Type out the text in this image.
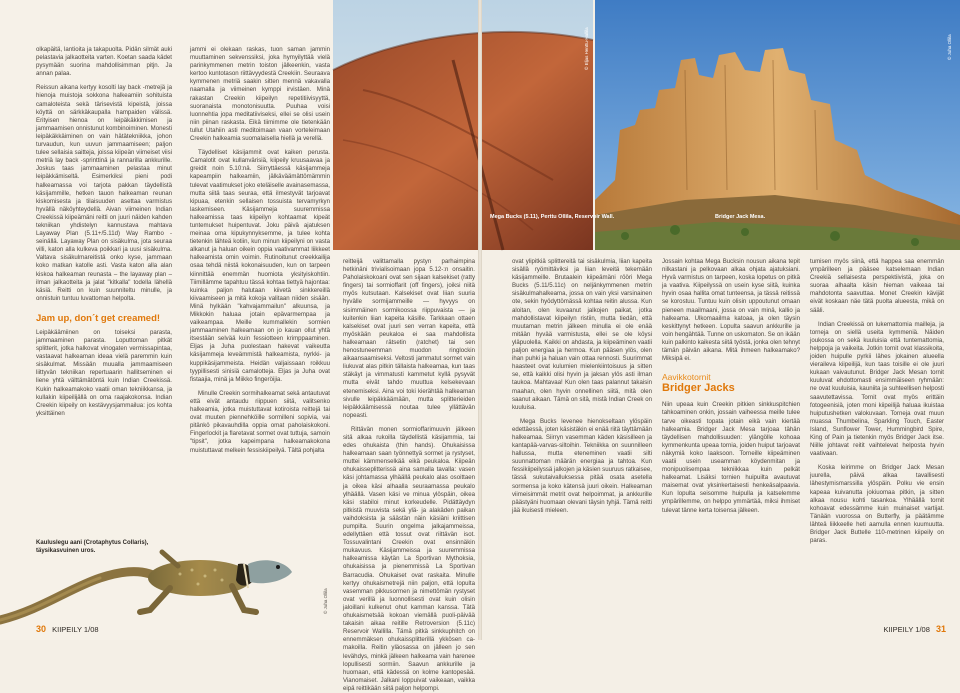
olkapäitä, lantioita ja takapuolta. Pidän silmät auki pelastavia jalkaotteita varten. Koetan saada kädet pysymään suorina mahdollisimman pitjn. Ja annan palaa.

Reissun aikana kertyy kosolti lay back -metrejä ja hienoja muistoja sokkona halkeamiin sohituista camaloteista sekä tärisevistä kipeistä, joissa köyttä on särkkäkaupalla hampaiden välissä. Erityisen hienoa on leipäkäkkimisen ja jammaamisen onnistunut kombinoiminen. Monesti leipäkäkkäiminen on vain hätätekniikka, johon turvaudun, kun uuvun jammaamiseen; paljon tulee sellaisia saitteja, joissa kiipeän viimeiset viisi metriä lay back -sprinttinä ja rannarilla ankkurille. Joskus taas jammaaminen pelastaa minut leipäkkämiseltä. Esimerkiksi pieni podi halkeamassa voi tarjota pakkan täydellistä käsijammille, hetken tauon halkeaman reunan kiskomisesta ja tilaisuuden asettaa varmistus hyvällä näköyhteydellä. Aivan viimeinen Indian Creekissä kiipeämäni reitti on juuri näiden kahden tekniikan yhdistelyn kannustava mahtava Layaway Plan (5.11+/5.11d) Way Rambo -seinällä. Layaway Plan on sisäkulma, jota seuraa villi, katon alla kulkeva poikkari ja uusi sisäkulma. Valtava sisäkulmareitistä onko kyse, jammaan koko matkan katolle asti. Vasta katon alla alan kiskoa halkeaman reunasta – the layaway plan – ilman jalkaotteita ja jalat "kitkalla" todella lähellä käsiä. Reitti on kuin suunniteltu minulle, ja onnistuin tuntuu luvattoman helpolta.

Jam up, don´t get creamed!

Leipäkäämiinen on toiseksi parasta, jammaaminen parasta. Loputtoman pitkät splitterit, jotka halkovat vinogaten vermissapintaa, vastaavat halkeaman ideaa vielä paremmin kuin sisäkulmat. Missään muualla jammaamiseen liittyvän tekniikan repertuaarin hallitseminen ei liene yhtä välttämätöntä kuin Indian Creekissä. Kukin halkeamakoko vaatii oman tekniikkansa, ja kullakin kiipeilijällä on oma raajakokonsa. Indian Creekin kiipeily on kestävyysjammailua: jos kohta yksittäinen

jammi ei olekaan raskas, tuon saman jammin muuttaminen sekvenssiksi, joka hymyilyttää vielä parinkymmenen metrin toiston jälkeenkin, vasta kertoo kuntotason riittävyydestä Creekiin. Seuraava kymmenen metriä saakin sitten mennä vakavalla naamalla ja viimeinen kymppi irvistäen. Minä rakastan Creekin kiipeilyn repetitiivisyyttä, suoranaista monotonisuutta. Puuhaa voisi luonnehtia jopa meditatiiviseksi, ellei se olisi usein niin piinan raskasta. Eikä tiimimme ole tietenkään tullut Utahiin asti meditoimaan vaan vorteleimaan Creekin halkeamia suomalaisella hiellä ja verellä.

Täydelliset käsijammit ovat kaiken perusta. Camalotit ovat kullanvärisiä, kiipeily kruusaavaa ja greidit noin 5.10:nä. Siirryttäessä käsijammeja kapeampiin halkeamiin, jälkäväämättömämmin tulevat vaatimukset joko eteläiselle avainasemassa, mutta siitä taas seuraa, että ilmestyvät tarjoavat kipuaa, etenkin sellaisen tossuista tervamyrkyn laskemiseen. Käsijammeja suuremmissa halkeamissa taas kiipeilyn kohtaamat kipeät tuntemukset huipentuvat. Joku päivä ajatuksen meinaa oma kipukynnyksemme, ja tulee kohta tietenkin lähteä kotiin, kun minun kiipeilyni on vasta alkanut ja haluan oikein oppia vaativammat liikkeet halkeamista omin voimin. Rutinoitunut creekkailija osaa tehdä niistä kokonaisuuden, kun on tarpeen kiinnittää enemmän huomiota yksityiskohtiin. Tiimillämme tapahtuu tässä kohtaa tiettyä hajontaa: kuinka paljon halutaan kiivetä sinkkereillä kiivaamiseen ja mitä kokoja valitaan niiden sisään. Minä hylkään "kahvajammailun" alkuunsa, ja Mikkokin haluaa jotain epävarmempaa ja vaikeampaa. Meille kummallekin sormien jammaaminen halkeamaan on jo kauan ollut yhtä itsestään selvää kuin fessiotteen krimppaaminen. Eljas ja Juha puolestaan hakevat vaikeutta käsijammeja leveämmistä halkeamista, nyrkki- ja kuppikäsijammeista. Heidän valjaissaan roikkuu tyypillisesti sinisiä camalotteja. Eljas ja Juha ovat fistaajia, minä ja Miikko fingeröijia.

Minulle Creekin sormihalkeamat sekä antautuvat että eivät antaudu riippuen siitä, valitsenko halkeamia, jotka muistuttavat kotiroista reittejä tai ovat muuten piennehköille sormilleni sopivia, vai pitänkö pikavauhdilla oppia omat paholaiskokoni. Fingerlockit ja flaretavat sormet ovat tuttuja, samoin "tipsit", jotka kapeimpana halkeamakokona muistuttavat melkein fessiskiipeilyä. Tältä pohjalta

Kauluslegu aani (Crotaphytus Collaris),
täysikasvuinen uros.
© Juha Ollila
30 KIIPEILY 1/08
Mega Bucks (5.11), Perttu Ollila, Reservoir Wall.	Bridger Jack Mesa.
© Eljas Henttu-Hallila	© Juha Ollila

reitteijä valittamalla pystyn parhaimpina hetkinäni trivialisoimaan jopa 5.12-:n onsaitin. Paholaiskokoani ovat sen sijaan kalsekiset (ratty fingers) tai sormioffarit (off fingers), joiksi niitä myös kutsutaan. Kalsekiset ovat liian suuria hyvälle sormijammeille — hyvyys on sisimmäinen sormikoossa riippuvaista — ja kuitenkin liian kapeita käsille. Tarkkaan ottaen kalsekiset ovat juuri sen verran kapeita, että myöskään peukaloa ei saa mahdollista halkeamaan rätsetin (ratchet) tai sen henostuneemman muodon ringlockin aikaansaamiseksi. Veltosti jammatut sormet vain liukuvat alas pitkin tällaista halkeamaa, kun taas stäkäyt ja vimmatusti kammetut kyllä pysyvät mutta eivät tahdo muuttua kelsekevaan etenemiseksi. Aina voi toki kierähtää halkeaman sivulle leipäkkäämään, mutta splitterieiden leipäkkäämisessä noutaa tulee yllättävän nopeasti.

Rittävän monen sormioffarimuuvin jälkeen sitä alkaa rukoilla täydellistä käsijammia, tai edes ohukaista (thin hands). Ohukaisissa halkeamaan saan työnnettyä sormet ja rystyset, muttei kämmenselkää eikä peukaloa. Kiipeän ohukaisseplitterissä aina samalla tavalla: vasen käsi johtamassa ylhäällä peukalo alas osoittaen ja oikea käsi alhaalla seuraamassa peukalo ylhäällä. Vasen käsi ve minua ylöspäin, oikea käsi stabiloi minut korkeudelle. Pidättäydyn pitkistä muuvista sekä ylä- ja alakäden paikan vaihdoksista ja säästän näin käsiäni kriittisen pumpilta. Suurin ongelma jalkajammeissa, edellyttäen että tossut ovat riittävän isot. Tossuvalintani Creekin ovat ensinnäkin mukavuus. Käsijammeissa ja suuremmissa halkeamissa käytän La Sportivan Mythoksia, ohukaisissa ja pienemmissä La Sportivan Barracudia. Ohukaiset ovat raskaita. Minulle kertyy ohukaismetrejä niin paljon, että lopulta vasemman pikkusormen ja nimettömän rystyset ovat verillä ja luonnollisesti ovat kuin olisin jaloillani kulkenut ohut kamman kanssa. Tätä ohukaismetsää kokoan viemällä puoli-päivää takaisin aikaa reitille Retroversion (5.11c) Reservoir Wallilla. Tämä pitkä sinkkuphitch on ennemmäksen ohukaissplitterillä ykkösen ca-makoilla. Reitin yläosassa on jälleen jo sen levähdys, minkä jälkeen halkeama vain harenee lopullisesti sormiin. Saavun ankkurille ja huomaan, että kädessä on kolme kantopesää. Vianomaiset. Jalkani loppuivat vaikeaan, vaikka eipä reittikään siitä paljon helpompi.

ovat ylipitkiä splittereitä tai sisäkulmia, liian kapeita sisällä ryömittäviksi ja liian leveitä tekemään käsijammeille. Brutaalein kiipeämäni rööri Mega Bucks (5.11/5.11c) on neljänkymmenen metrin sisäkulmahalkeama, jossa on vain yksi varsinainen ote, sekin hyödyttömässä kohtaa reitin alussa. Kun aloitan, olen kuvaanut jalkojen paikat, jotka mahdollistavat kiipeilyn ristiin, mutta tiedän, että muutaman metrin jälkeen minulla ei ole enää mitään hyvää varmistusta, ellei se ole köysi yläpuolella. Kaikki on ahdasta, ja kiipeäminen vaatii paljon energiaa ja hermoa. Kun pääsen ylös, olen ihan puhki ja haluan vain ottaa rennosti. Suurimmat haasteet ovat kulumien mielenkiintoisuus ja sitten se, että kaikki olisi hyvin ja jaksan ylös asti ilman taukoa. Mahtavaa! Kun olen taas palannut takaisin maahan, olen hyvin onnellinen siitä, mitä olen saanut aikaan. Tämä on sitä, mistä Indian Creek on kuuluisa.

Mega Bucks levenee hienokseltaan ylöspäin edettäessä, joten käsistäkin ei enää riitä täyttämään halkeamaa. Siirryn vasemman käden käsisilleen ja kantapää-varvas-siltoihin. Tekniikka on suunnilleen hallussa, mutta eteneminen vaatii silti suunnattoman määrän energiaa ja tahtoa. Kun fessikiipeilyssä jalkojen ja käsien suuruus ratkaisee, tässä sukutaivalluksessa pitää osata asetella sormensa ja koko kätensä juuri oikein. Halkeaman viimeisimmät metrit ovat helpoimmat, ja ankkurille päästyäni huomaan olevani täysin tyhjä. Tämä reitti jää ikuisesti mieleen.

Jossain kohtaa Mega Bucksin nousun aikana tepit nilkastani ja pelkovaan alkaa ohjata ajatuksiani. Hyvä varmistus on tarpeen, koska lopetus on pitkä ja vaativa. Kiipeilyssä on usein kyse siitä, kuinka hyvin osaa hallita omat tunteensa, ja tässä reitissä se korostuu. Tuntuu kuin olisin uppoutunut omaan pieneen maailmaani, jossa on vain minä, kallio ja halkeama. Ulkomaailma katoaa, ja olen täysin keskittynyt hetkeen. Lopulta saavun ankkurille ja voin hengähtää. Tunne on uskomaton. Se on ikään kuin palkinto kaikesta siitä työstä, jonka olen tehnyt tämän päivän aikana. Mitä ihmeen halkeamako? Miksipä ei.

Aavikkotornit
Bridger Jacks

Niin upeaa kuin Creekin pitkien sinkkuspitchien tahkoaminen onkin, jossain vaiheessa meille tulee tarve oikeasti topata jotain eikä vain kiertää halkeamia. Bridger Jack Mesa tarjoaa tähän täydellisen mahdollisuuden: ylängölle kohoaa kymmenkunta upeaa tornia, joiden huiput tarjoavat näkymiä koko laaksoon. Torneille kiipeäminen vaatii usein useamman köydenmitan ja monipuolisempaa tekniikkaa kuin pelkät halkeamat. Lisäksi tornien huipuilta avautuvat maisemat ovat yksinkertaisesti henkeäsalpaavia. Kun lopulta seisomme huipulla ja katselemme ympärillemme, on helppo ymmärtää, miksi ihmiset tulevat tänne kerta toisensa jälkeen.

tumisen myös siinä, että happea saa enemmän ympärilleen ja pääsee katselemaan Indian Creekiä sellaisesta perspektiivistä, joka on suoraa alhaalta käsin hieman vaikeaa tai mahdotonta saavuttaa. Monet Creekin kävijät eivät koskaan näe tätä puolta alueesta, mikä on sääli.

Indian Creekissä on lukemattomia mailleja, ja torneja on siellä useita kymmeniä. Näiden joukossa on sekä kuuluisia että tuntemattomia, helppoja ja vaikeita. Jotkin tornit ovat klassikoita, joiden huipulle pyrkii lähes jokainen alueella vieraileva kiipeilijä, kun taas toisille ei ole juuri kukaan vaivautunut. Bridger Jack Mesan tornit kuuluvat ehdottomasti ensimmäiseen ryhmään: ne ovat kuuluisia, kauniita ja suhteellisen helposti saavutettavissa. Tornit ovat myös erittäin fotogeenisiä, joten moni kiipeilijä haluaa ikuistaa huiputushetken valokuvaan. Torneja ovat muun muassa Thumbelina, Sparkling Touch, Easter Island, Sunflower Tower, Hummingbird Spire, King of Pain ja tietenkin myös Bridger Jack itse. Niille johtavat reitit vaihtelevat helposta hyvin vaativaan.

Koska leirimme on Bridger Jack Mesan juurella, päivä alkaa tavallisesti lähestymismarssilla ylöspäin. Polku vie ensin kapeaa kuivanutta jokiuomaa pitkin, ja sitten alkaa nousu kohti tasankoa. Ylhäällä tornit kohoavat edessämme kuin muinaiset vartijat. Tänään vuorossa on Butterfly, ja päätämme lähteä liikkeelle heti aamulla ennen kuumuutta. Bridger Jack Buttelle 110-metrinen kiipeily on paras.

KIIPEILY 1/08 31
